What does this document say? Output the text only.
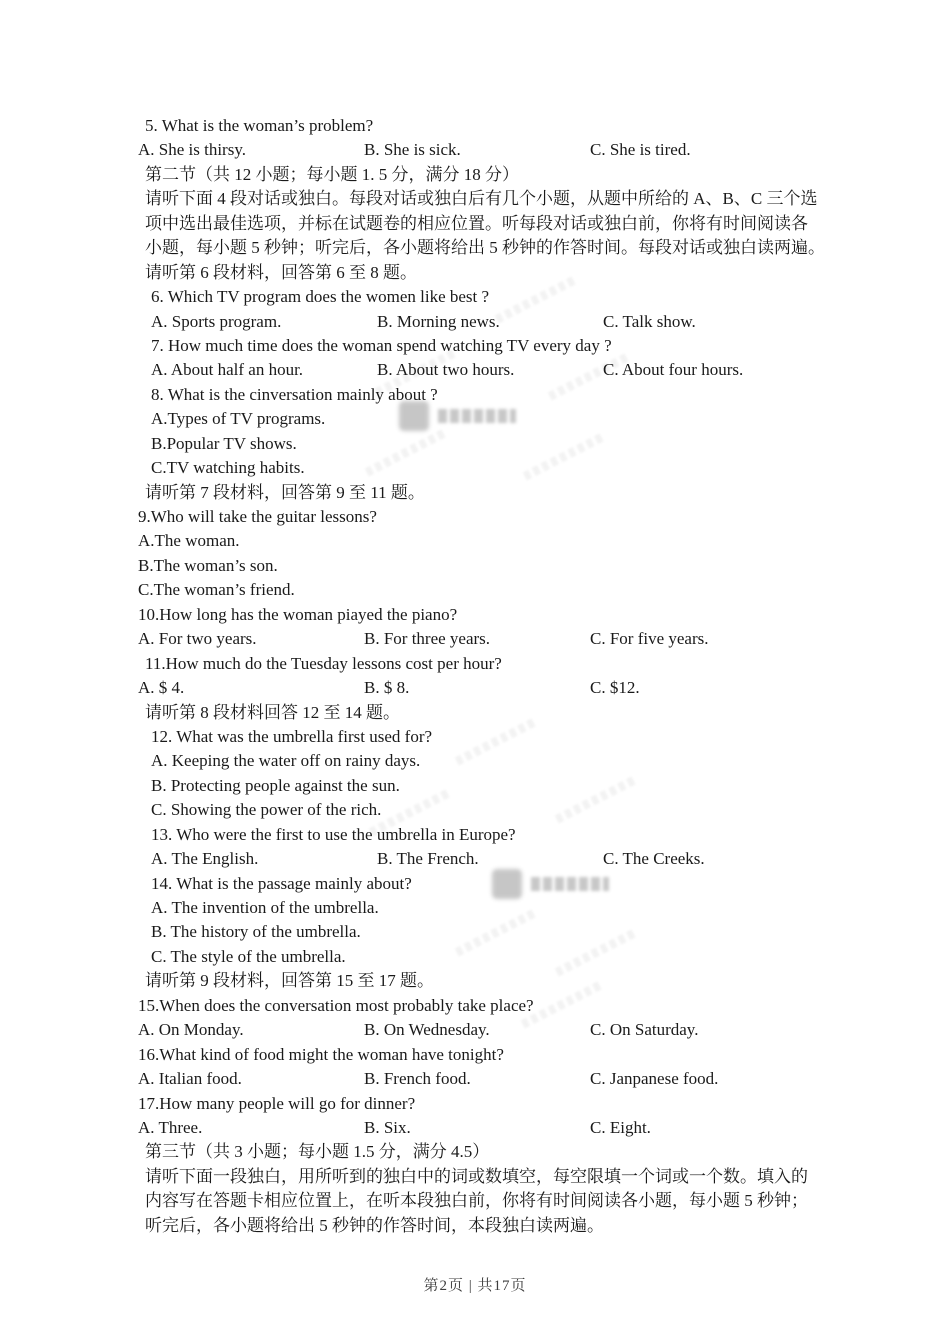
5. What is the woman’s problem?
A. She is thirsy.	B. She is sick.	C. She is tired.
第二节（共 12 小题；每小题 1. 5 分，满分 18 分）
请听下面 4 段对话或独白。每段对话或独白后有几个小题，从题中所给的 A、B、C 三个选
项中选出最佳选项，并标在试题卷的相应位置。听每段对话或独白前，你将有时间阅读各
小题，每小题 5 秒钟；听完后，各小题将给出 5 秒钟的作答时间。每段对话或独白读两遍。
请听第 6 段材料，回答第 6 至 8 题。
6. Which TV program does the women like best ?
A. Sports program.	B. Morning news.	C. Talk show.
7. How much time does the woman spend watching TV every day ?
A. About half an hour.	B. About two hours.	C. About four hours.
8. What is the cinversation mainly about ?
A.Types of TV programs.
B.Popular TV shows.
C.TV watching habits.
请听第 7 段材料，回答第 9 至 11 题。
9.Who will take the guitar lessons?
A.The woman.
B.The woman’s son.
C.The woman’s friend.
10.How long has the woman piayed the piano?
A. For two years.	B. For three years.	C. For five years.
11.How much do the Tuesday lessons cost per hour?
A. $ 4.	B. $ 8.	C. $12.
请听第 8 段材料回答 12 至 14 题。
12. What was the umbrella first used for?
A. Keeping the water off on rainy days.
B. Protecting people against the sun.
C. Showing the power of the rich.
13. Who were the first to use the umbrella in Europe?
A. The English.	B. The French.	C. The Creeks.
14. What is the passage mainly about?
A. The invention of the umbrella.
B. The history of the umbrella.
C. The style of the umbrella.
请听第 9 段材料，回答第 15 至 17 题。
15.When does the conversation most probably take place?
A. On Monday.	B. On Wednesday.	C. On Saturday.
16.What kind of food might the woman have tonight?
A. Italian food.	B. French food.	C. Janpanese food.
17.How many people will go for dinner?
A. Three.	B. Six.	C. Eight.
第三节（共 3 小题；每小题 1.5 分，满分 4.5）
请听下面一段独白，用所听到的独白中的词或数填空，每空限填一个词或一个数。填入的
内容写在答题卡相应位置上，在听本段独白前，你将有时间阅读各小题，每小题 5 秒钟；
听完后，各小题将给出 5 秒钟的作答时间，本段独白读两遍。
第2页 | 共17页
